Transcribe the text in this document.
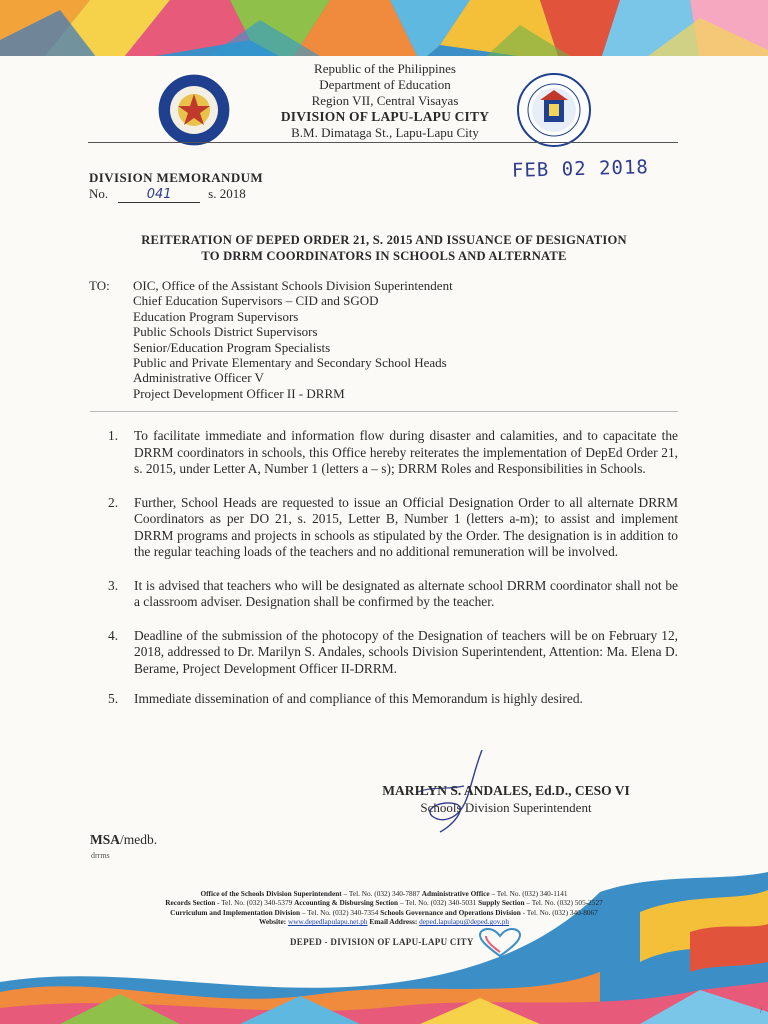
Republic of the Philippines
Department of Education
Region VII, Central Visayas
DIVISION OF LAPU-LAPU CITY
B.M. Dimataga St., Lapu-Lapu City
FEB 02 2018
DIVISION MEMORANDUM
No.	041	s. 2018
REITERATION OF DEPED ORDER 21, S. 2015 AND ISSUANCE OF DESIGNATION
TO DRRM COORDINATORS IN SCHOOLS AND ALTERNATE
TO: OIC, Office of the Assistant Schools Division Superintendent
Chief Education Supervisors – CID and SGOD
Education Program Supervisors
Public Schools District Supervisors
Senior/Education Program Specialists
Public and Private Elementary and Secondary School Heads
Administrative Officer V
Project Development Officer II - DRRM
1.	To facilitate immediate and information flow during disaster and calamities, and to capacitate the DRRM coordinators in schools, this Office hereby reiterates the implementation of DepEd Order 21, s. 2015, under Letter A, Number 1 (letters a – s); DRRM Roles and Responsibilities in Schools.
2.	Further, School Heads are requested to issue an Official Designation Order to all alternate DRRM Coordinators as per DO 21, s. 2015, Letter B, Number 1 (letters a-m); to assist and implement DRRM programs and projects in schools as stipulated by the Order. The designation is in addition to the regular teaching loads of the teachers and no additional remuneration will be involved.
3.	It is advised that teachers who will be designated as alternate school DRRM coordinator shall not be a classroom adviser. Designation shall be confirmed by the teacher.
4.	Deadline of the submission of the photocopy of the Designation of teachers will be on February 12, 2018, addressed to Dr. Marilyn S. Andales, schools Division Superintendent, Attention: Ma. Elena D. Berame, Project Development Officer II-DRRM.
5.	Immediate dissemination of and compliance of this Memorandum is highly desired.
MARILYN S. ANDALES, Ed.D., CESO VI
Schools Division Superintendent
MSA/medb.
drrms
Office of the Schools Division Superintendent – Tel. No. (032) 340-7887 Administrative Office – Tel. No. (032) 340-1141
Records Section - Tel. No. (032) 340-5379 Accounting & Disbursing Section – Tel. No. (032) 340-5031 Supply Section – Tel. No. (032) 505-2527
Curriculum and Implementation Division – Tel. No. (032) 340-7354 Schools Governance and Operations Division - Tel. No. (032) 340-8067
Website: www.depedlapulapu.net.ph Email Address: deped.lapulapu@deped.gov.ph
DEPED - DIVISION OF LAPU-LAPU CITY
/
